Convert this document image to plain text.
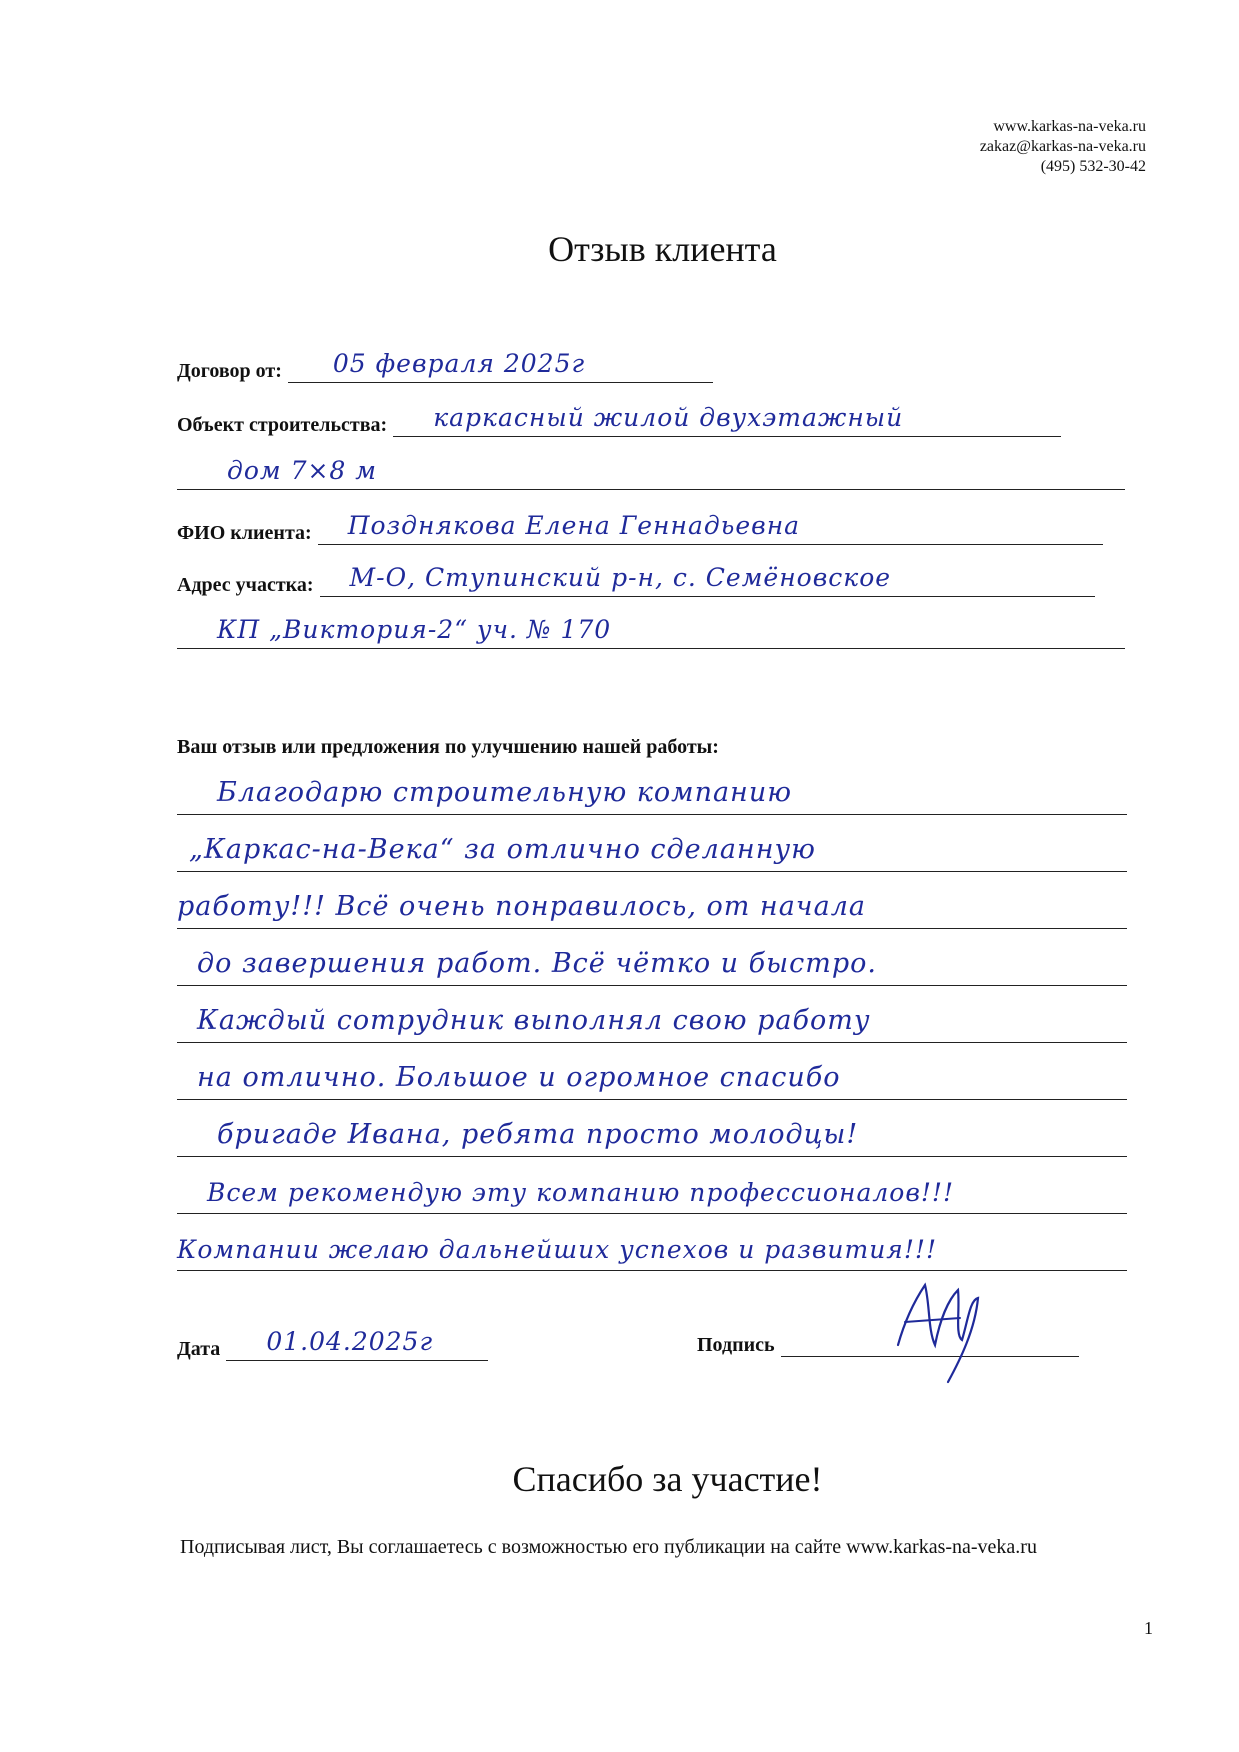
www.karkas-na-veka.ru
zakaz@karkas-na-veka.ru
(495) 532-30-42
Отзыв клиента
Договор от: 05 февраля 2025г
Объект строительства: каркасный жилой двухэтажный
дом 7×8 м
ФИО клиента: Позднякова Елена Геннадьевна
Адрес участка: М-О, Ступинский р-н, с. Семёновское
КП „Виктория-2“ уч. № 170
Ваш отзыв или предложения по улучшению нашей работы:
Благодарю строительную компанию
„Каркас-на-Века“ за отлично сделанную
работу!!! Всё очень понравилось, от начала
до завершения работ. Всё чётко и быстро.
Каждый сотрудник выполнял свою работу
на отлично. Большое и огромное спасибо
бригаде Ивана, ребята просто молодцы!
Всем рекомендую эту компанию профессионалов!!!
Компании желаю дальнейших успехов и развития!!!
Дата 01.04.2025г	Подпись
Спасибо за участие!
Подписывая лист, Вы соглашаетесь с возможностью его публикации на сайте www.karkas-na-veka.ru
1
